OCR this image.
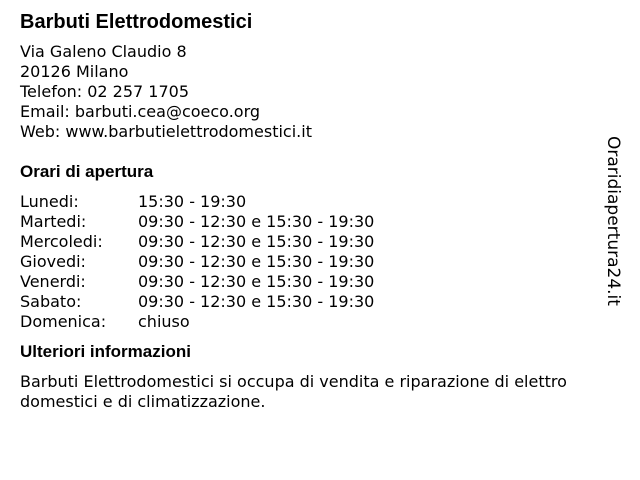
Barbuti Elettrodomestici
Via Galeno Claudio 8
20126 Milano
Telefon: 02 257 1705
Email: barbuti.cea@coeco.org
Web: www.barbutielettrodomestici.it
Orari di apertura
Lunedi:	15:30 - 19:30
Martedi:	09:30 - 12:30 e 15:30 - 19:30
Mercoledi:	09:30 - 12:30 e 15:30 - 19:30
Giovedi:	09:30 - 12:30 e 15:30 - 19:30
Venerdi:	09:30 - 12:30 e 15:30 - 19:30
Sabato:	09:30 - 12:30 e 15:30 - 19:30
Domenica:	chiuso
Ulteriori informazioni

Barbuti Elettrodomestici si occupa di vendita e riparazione di elettro domestici e di climatizzazione.

Oraridiapertura24.it
